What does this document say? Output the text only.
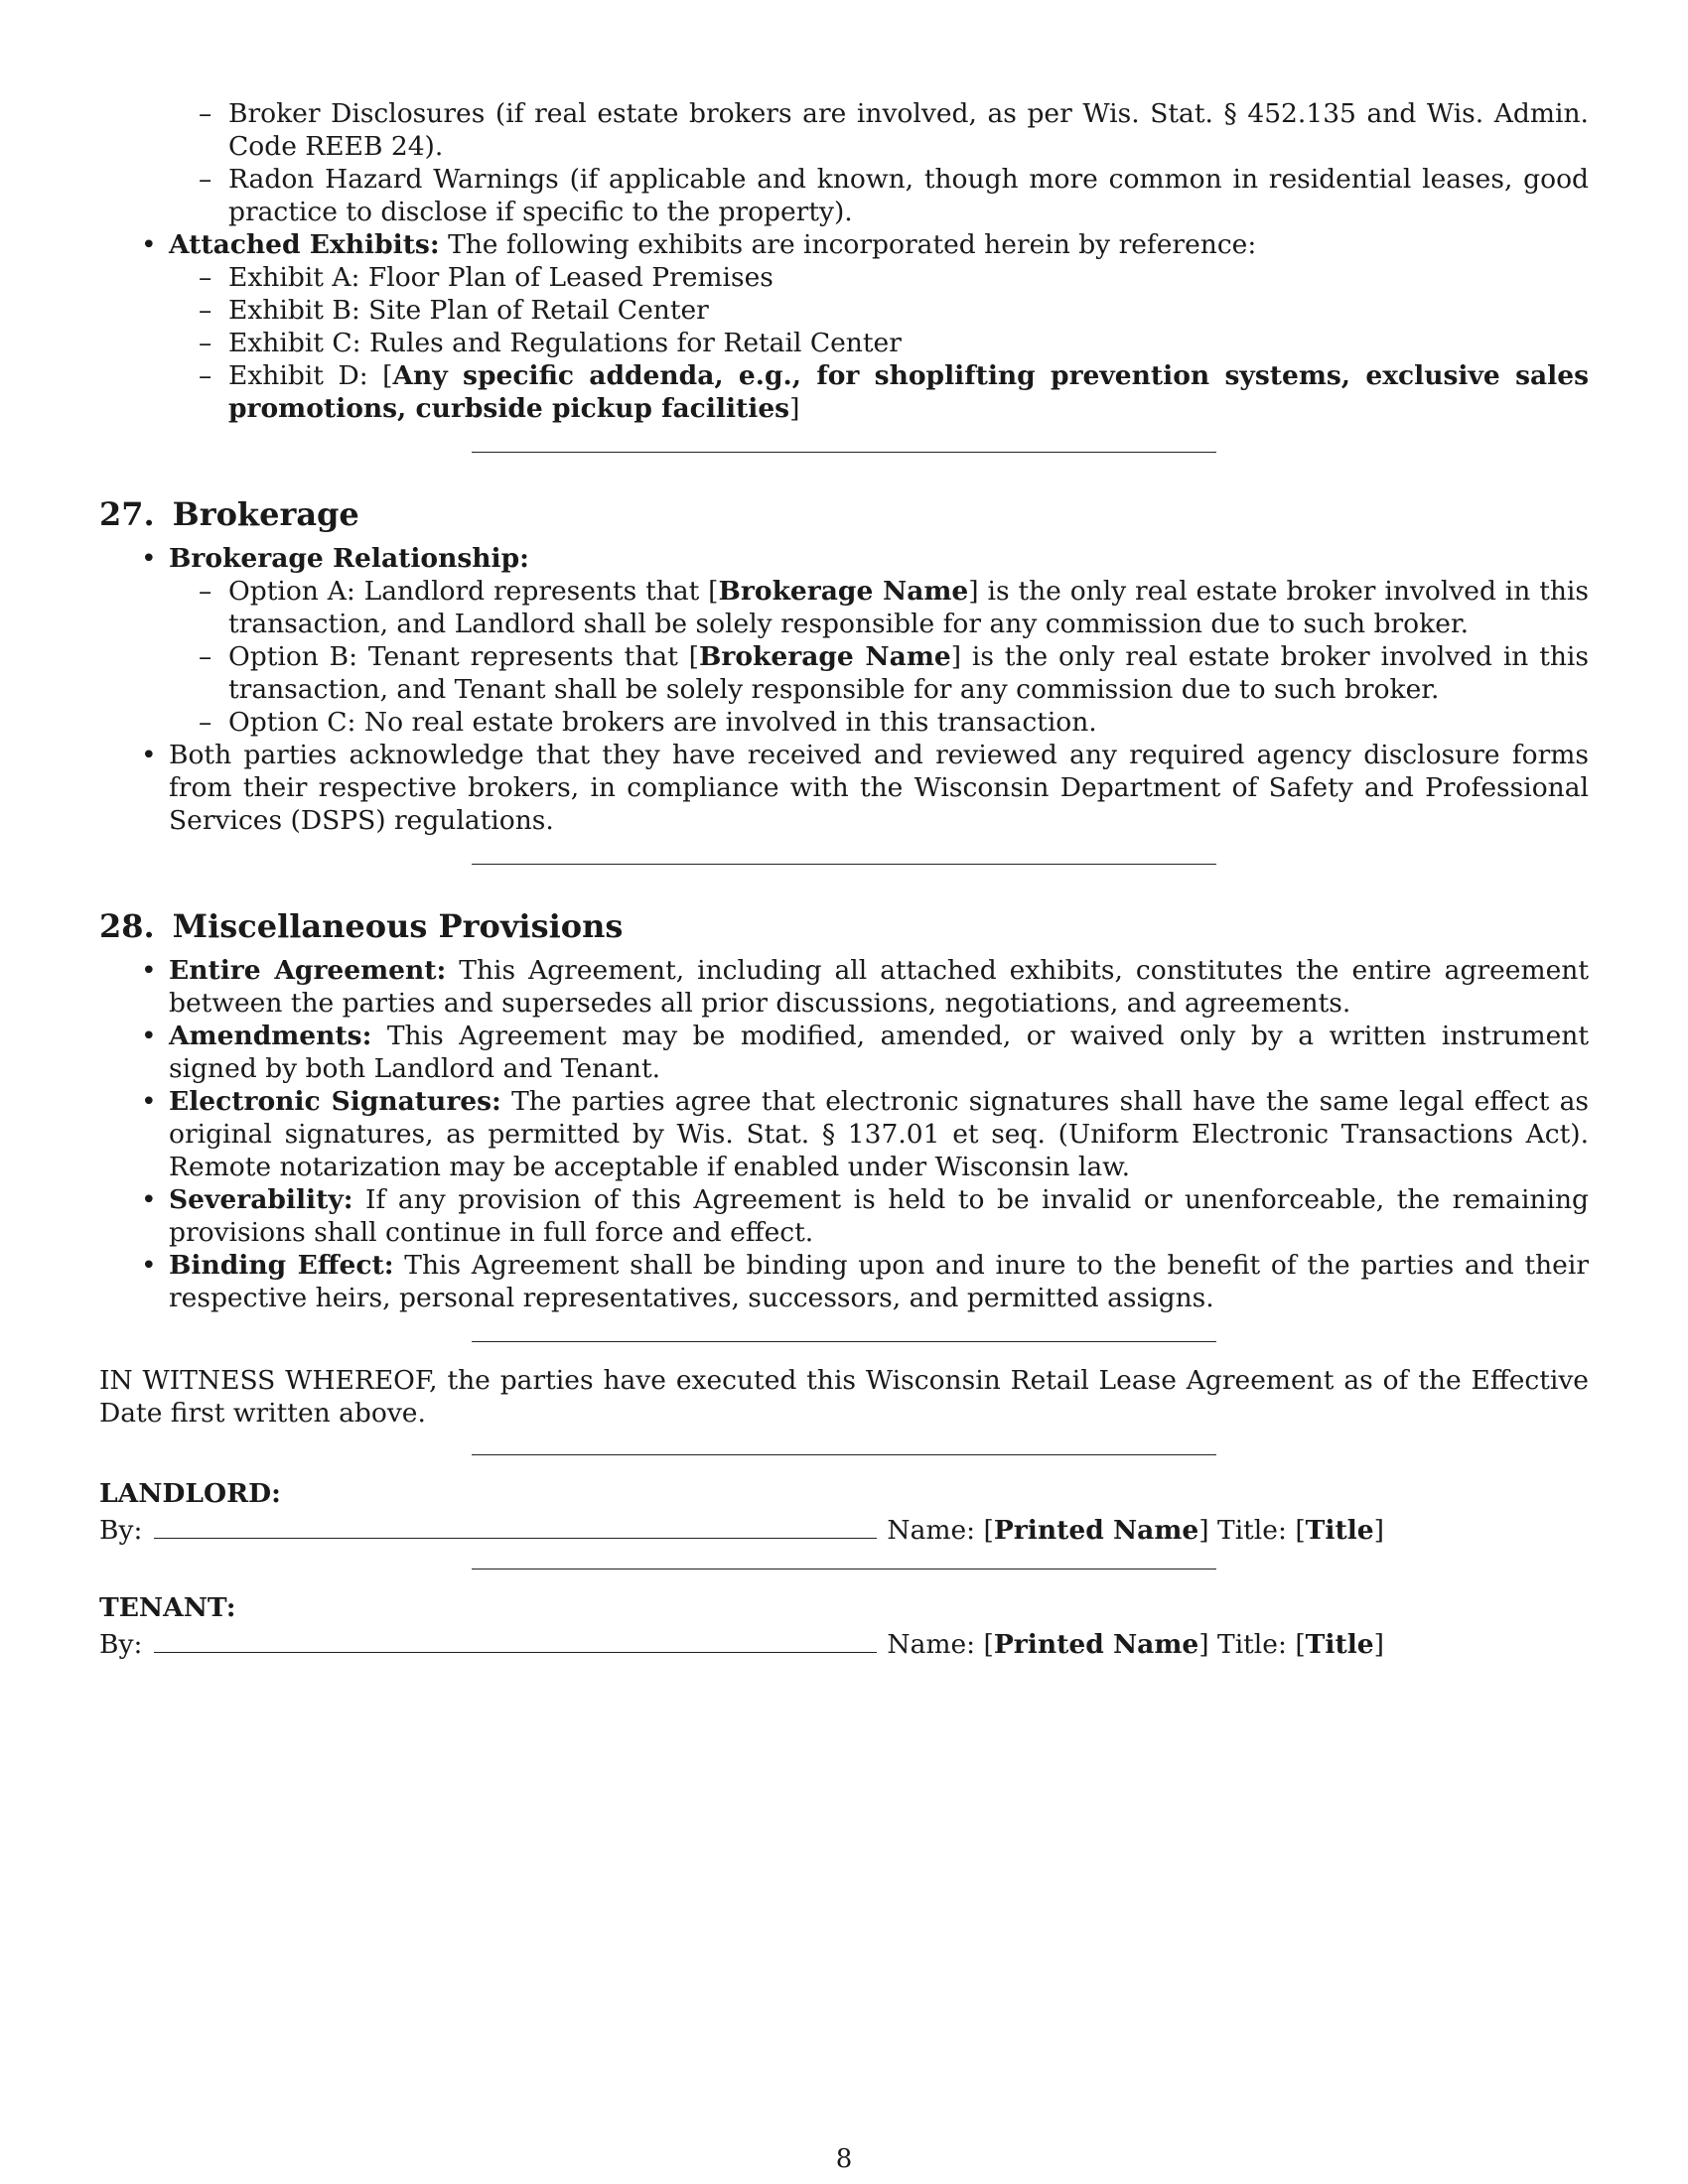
– Broker Disclosures (if real estate brokers are involved, as per Wis. Stat. § 452.135 and Wis. Admin. Code REEB 24).
– Radon Hazard Warnings (if applicable and known, though more common in residential leases, good practice to disclose if specific to the property).
• Attached Exhibits: The following exhibits are incorporated herein by reference:
– Exhibit A: Floor Plan of Leased Premises
– Exhibit B: Site Plan of Retail Center
– Exhibit C: Rules and Regulations for Retail Center
– Exhibit D: [Any specific addenda, e.g., for shoplifting prevention systems, exclusive sales promotions, curbside pickup facilities]
27. Brokerage
• Brokerage Relationship:
– Option A: Landlord represents that [Brokerage Name] is the only real estate broker involved in this transaction, and Landlord shall be solely responsible for any commission due to such broker.
– Option B: Tenant represents that [Brokerage Name] is the only real estate broker involved in this transaction, and Tenant shall be solely responsible for any commission due to such broker.
– Option C: No real estate brokers are involved in this transaction.
• Both parties acknowledge that they have received and reviewed any required agency disclosure forms from their respective brokers, in compliance with the Wisconsin Department of Safety and Professional Services (DSPS) regulations.
28. Miscellaneous Provisions
• Entire Agreement: This Agreement, including all attached exhibits, constitutes the entire agreement between the parties and supersedes all prior discussions, negotiations, and agreements.
• Amendments: This Agreement may be modified, amended, or waived only by a written instrument signed by both Landlord and Tenant.
• Electronic Signatures: The parties agree that electronic signatures shall have the same legal effect as original signatures, as permitted by Wis. Stat. § 137.01 et seq. (Uniform Electronic Transactions Act). Remote notarization may be acceptable if enabled under Wisconsin law.
• Severability: If any provision of this Agreement is held to be invalid or unenforceable, the remaining provisions shall continue in full force and effect.
• Binding Effect: This Agreement shall be binding upon and inure to the benefit of the parties and their respective heirs, personal representatives, successors, and permitted assigns.

IN WITNESS WHEREOF, the parties have executed this Wisconsin Retail Lease Agreement as of the Effective Date first written above.

LANDLORD:

By:	Name: [ Printed Name ] Title: [ Title ]

TENANT:

By:	Name: [ Printed Name ] Title: [ Title ]
8
